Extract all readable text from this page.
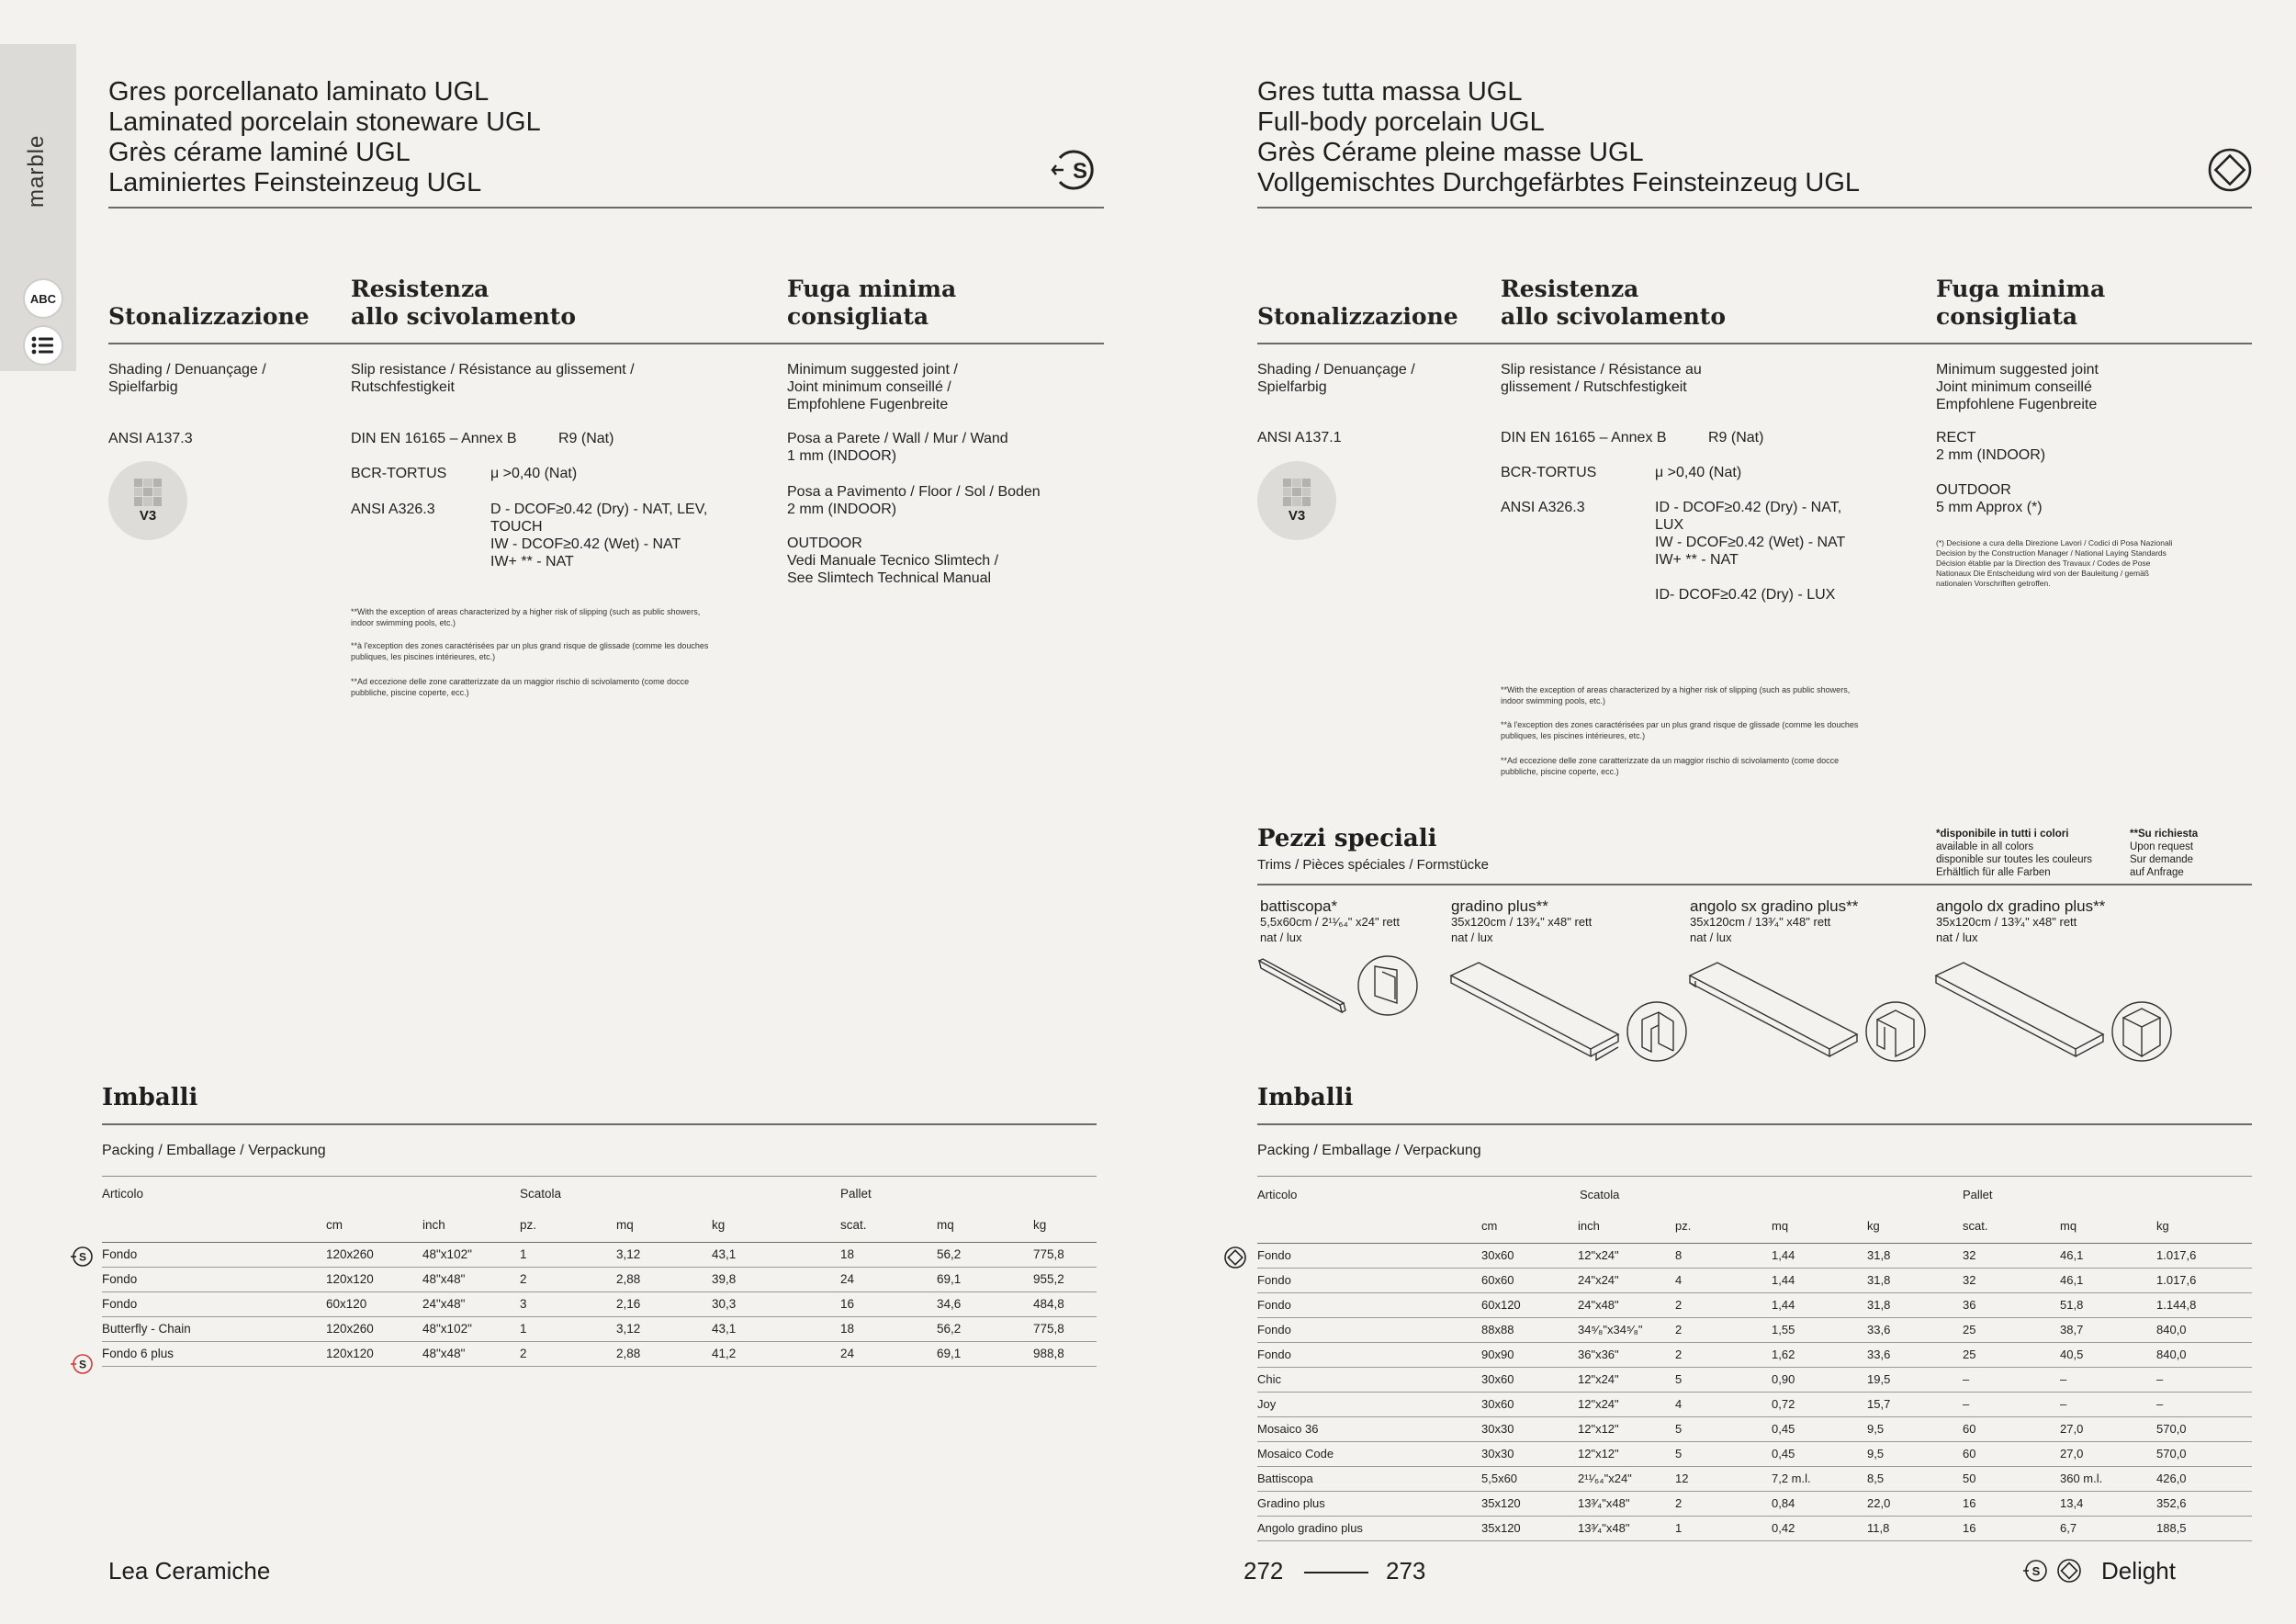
marble
ABC
Gres porcellanato laminato UGL
Laminated porcelain stoneware UGL
Grès cérame laminé UGL
Laminiertes Feinsteinzeug UGL	S
Stonalizzazione
Resistenza
allo scivolamento
Fuga minima
consigliata
Shading / Denuançage /
Spielfarbig
ANSI A137.3
V3
Slip resistance / Résistance au glissement /
Rutschfestigkeit
DIN EN 16165 – Annex B	R9 (Nat)
BCR-TORTUS	μ >0,40 (Nat)
ANSI A326.3	D - DCOF≥0.42 (Dry) - NAT, LEV,
TOUCH
IW - DCOF≥0.42 (Wet) - NAT
IW+ ** - NAT
**With the exception of areas characterized by a higher risk of slipping (such as public showers,
indoor swimming pools, etc.)
**à l'exception des zones caractérisées par un plus grand risque de glissade (comme les douches
publiques, les piscines intérieures, etc.)
**Ad eccezione delle zone caratterizzate da un maggior rischio di scivolamento (come docce
pubbliche, piscine coperte, ecc.)
Minimum suggested joint /
Joint minimum conseillé /
Empfohlene Fugenbreite
Posa a Parete / Wall / Mur / Wand
1 mm (INDOOR)
Posa a Pavimento / Floor / Sol / Boden
2 mm (INDOOR)
OUTDOOR
Vedi Manuale Tecnico Slimtech /
See Slimtech Technical Manual
Imballi
Packing / Emballage / Verpackung
Articolo			Scatola			Pallet		
	cm	inch	pz.	mq	kg	scat.	mq	kg
Fondo	120x260	48"x102"	1	3,12	43,1	18	56,2	775,8
Fondo	120x120	48"x48"	2	2,88	39,8	24	69,1	955,2
Fondo	60x120	24"x48"	3	2,16	30,3	16	34,6	484,8
Butterfly - Chain	120x260	48"x102"	1	3,12	43,1	18	56,2	775,8
Fondo 6 plus	120x120	48"x48"	2	2,88	41,2	24	69,1	988,8
S
S
Lea Ceramiche
Gres tutta massa UGL
Full-body porcelain UGL
Grès Cérame pleine masse UGL
Vollgemischtes Durchgefärbtes Feinsteinzeug UGL
Stonalizzazione
Resistenza
allo scivolamento
Fuga minima
consigliata
Shading / Denuançage /
Spielfarbig
ANSI A137.1
V3
Slip resistance / Résistance au
glissement / Rutschfestigkeit
DIN EN 16165 – Annex B	R9 (Nat)
BCR-TORTUS	μ >0,40 (Nat)
ANSI A326.3	ID - DCOF≥0.42 (Dry) - NAT,
LUX
IW - DCOF≥0.42 (Wet) - NAT
IW+ ** - NAT
ID- DCOF≥0.42 (Dry) - LUX
**With the exception of areas characterized by a higher risk of slipping (such as public showers,
indoor swimming pools, etc.)
**à l'exception des zones caractérisées par un plus grand risque de glissade (comme les douches
publiques, les piscines intérieures, etc.)
**Ad eccezione delle zone caratterizzate da un maggior rischio di scivolamento (come docce
pubbliche, piscine coperte, ecc.)
Minimum suggested joint
Joint minimum conseillé
Empfohlene Fugenbreite
RECT
2 mm (INDOOR)
OUTDOOR
5 mm Approx (*)
(*) Decisione a cura della Direzione Lavori / Codici di Posa Nazionali
Decision by the Construction Manager / National Laying Standards
Décision établie par la Direction des Travaux / Codes de Pose
Nationaux Die Entscheidung wird von der Bauleitung / gemäß
nationalen Vorschriften getroffen.
Pezzi speciali
Trims / Pièces spéciales / Formstücke
*disponibile in tutti i colori
available in all colors
disponible sur toutes les couleurs
Erhältlich für alle Farben
**Su richiesta
Upon request
Sur demande
auf Anfrage
battiscopa*
5,5x60cm / 2¹¹⁄₆₄" x24" rett
nat / lux
gradino plus**
35x120cm / 13³⁄₄" x48" rett
nat / lux
angolo sx gradino plus**
35x120cm / 13³⁄₄" x48" rett
nat / lux
angolo dx gradino plus**
35x120cm / 13³⁄₄" x48" rett
nat / lux
Imballi
Packing / Emballage / Verpackung
Articolo				Scatola		Pallet		
	cm	inch	pz.	mq	kg	scat.	mq	kg
Fondo	30x60	12"x24"	8	1,44	31,8	32	46,1	1.017,6
Fondo	60x60	24"x24"	4	1,44	31,8	32	46,1	1.017,6
Fondo	60x120	24"x48"	2	1,44	31,8	36	51,8	1.144,8
Fondo	88x88	34⁵⁄₈"x34⁵⁄₈"	2	1,55	33,6	25	38,7	840,0
Fondo	90x90	36"x36"	2	1,62	33,6	25	40,5	840,0
Chic	30x60	12"x24"	5	0,90	19,5	–	–	–
Joy	30x60	12"x24"	4	0,72	15,7	–	–	–
Mosaico 36	30x30	12"x12"	5	0,45	9,5	60	27,0	570,0
Mosaico Code	30x30	12"x12"	5	0,45	9,5	60	27,0	570,0
Battiscopa	5,5x60	2¹¹⁄₆₄"x24"	12	7,2 m.l.	8,5	50	360 m.l.	426,0
Gradino plus	35x120	13³⁄₄"x48"	2	0,84	22,0	16	13,4	352,6
Angolo gradino plus	35x120	13³⁄₄"x48"	1	0,42	11,8	16	6,7	188,5
272	273	S	Delight
